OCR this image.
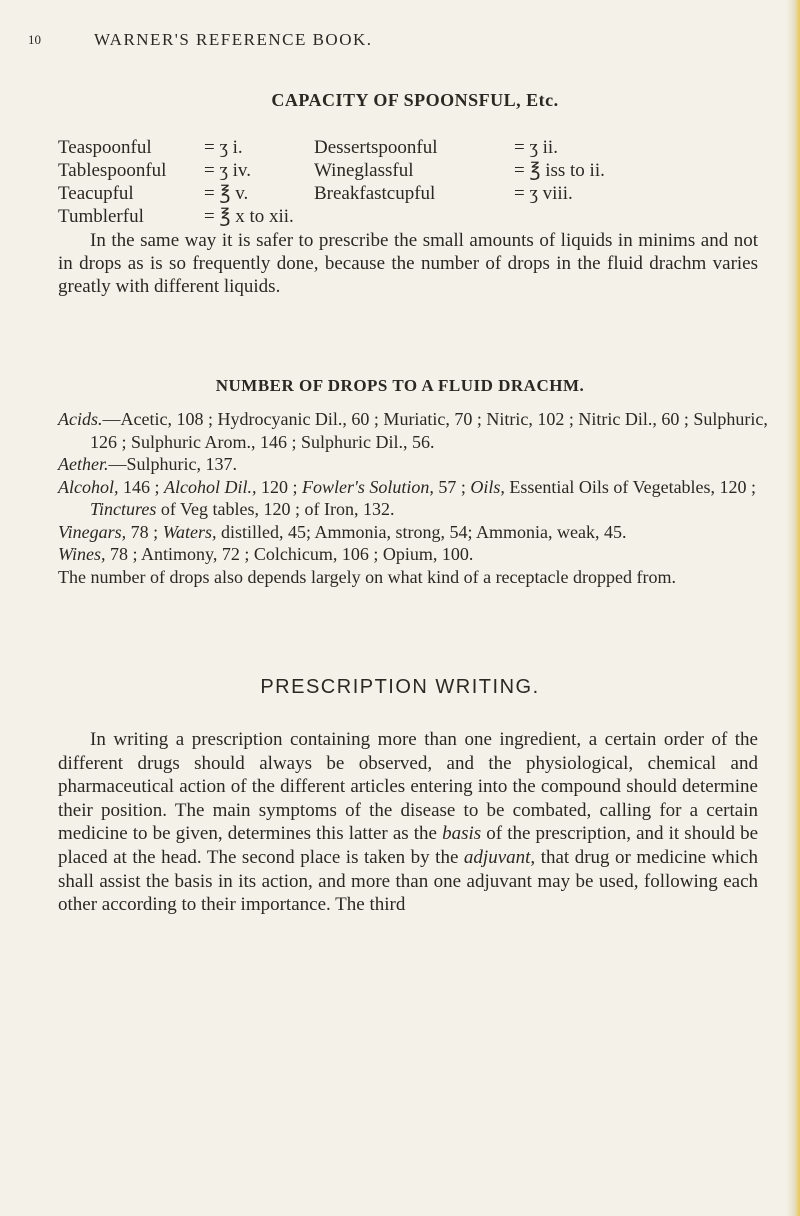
10	WARNER'S REFERENCE BOOK.
CAPACITY OF SPOONSFUL, Etc.
Teaspoonful	= ʒ i.	Dessertspoonful	= ʒ ii.
Tablespoonful	= ʒ iv.	Wineglassful	= ℥ iss to ii.
Teacupful	= ℥ v.	Breakfastcupful	= ʒ viii.
Tumblerful	= ℥ x to xii.

In the same way it is safer to prescribe the small amounts of liquids in minims and not in drops as is so frequently done, because the number of drops in the fluid drachm varies greatly with different liquids.

NUMBER OF DROPS TO A FLUID DRACHM.

Acids.—Acetic, 108 ; Hydrocyanic Dil., 60 ; Muriatic, 70 ; Nitric, 102 ; Nitric Dil., 60 ; Sulphuric, 126 ; Sulphuric Arom., 146 ; Sulphuric Dil., 56.

Aether.—Sulphuric, 137.

Alcohol, 146 ; Alcohol Dil., 120 ; Fowler's Solution, 57 ; Oils, Essential Oils of Vegetables, 120 ; Tinctures of Veg tables, 120 ; of Iron, 132.

Vinegars, 78 ; Waters, distilled, 45; Ammonia, strong, 54; Ammonia, weak, 45.

Wines, 78 ; Antimony, 72 ; Colchicum, 106 ; Opium, 100.

The number of drops also depends largely on what kind of a receptacle dropped from.

PRESCRIPTION WRITING.

In writing a prescription containing more than one ingredient, a certain order of the different drugs should always be observed, and the physiological, chemical and pharmaceutical action of the different articles entering into the compound should determine their position. The main symptoms of the disease to be combated, calling for a certain medicine to be given, determines this latter as the basis of the prescription, and it should be placed at the head. The second place is taken by the adjuvant, that drug or medicine which shall assist the basis in its action, and more than one adjuvant may be used, following each other according to their importance. The third
